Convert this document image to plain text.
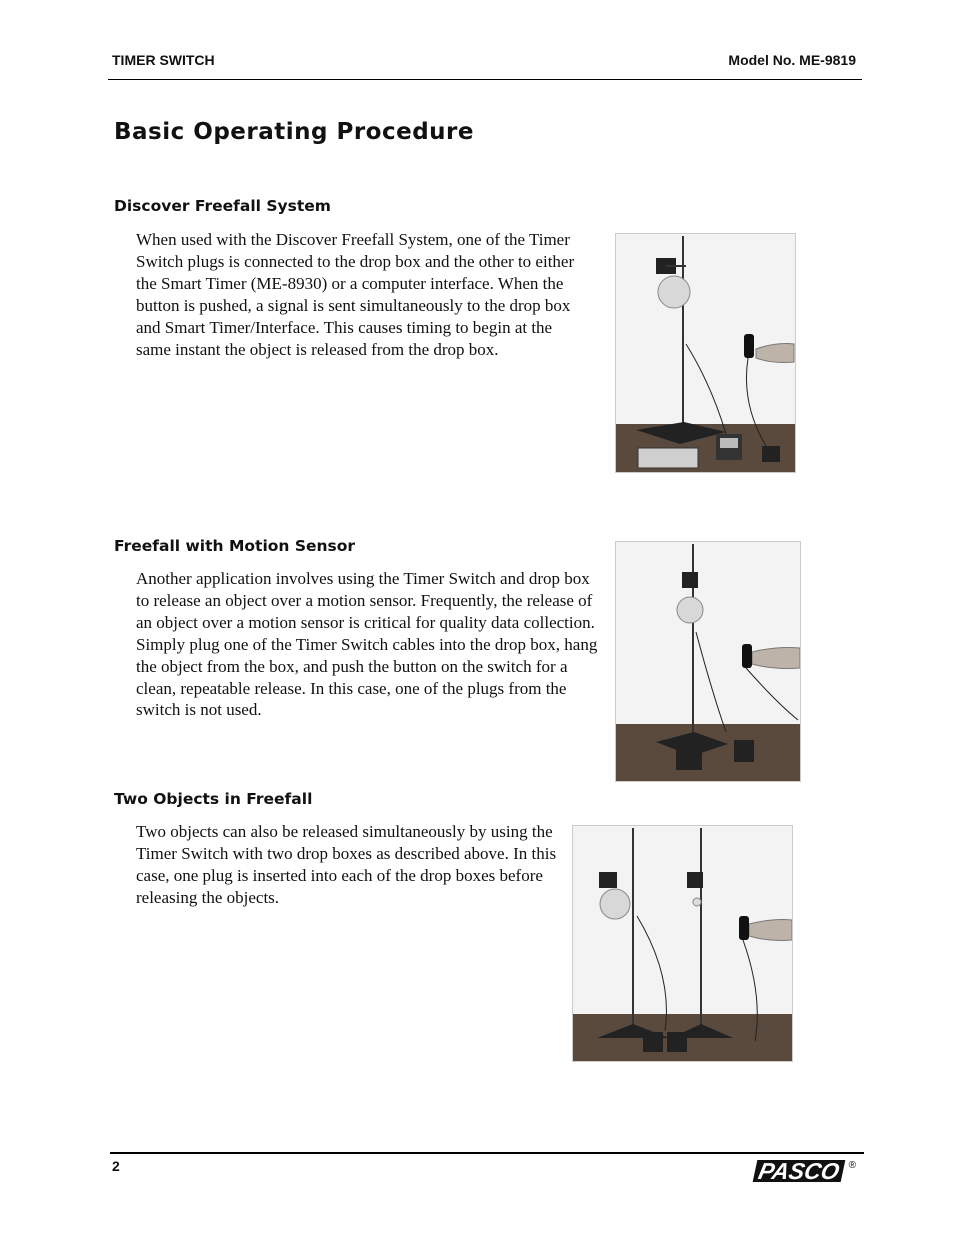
TIMER SWITCH	Model No. ME-9819
Basic Operating Procedure
Discover Freefall System

When used with the Discover Freefall System, one of the Timer Switch plugs is connected to the drop box and the other to either the Smart Timer (ME-8930) or a computer interface. When the button is pushed, a signal is sent simultaneously to the drop box and Smart Timer/Interface. This causes timing to begin at the same instant the object is released from the drop box.

Freefall with Motion Sensor

Another application involves using the Timer Switch and drop box to release an object over a motion sensor. Frequently, the release of an object over a motion sensor is critical for quality data collection. Simply plug one of the Timer Switch cables into the drop box, hang the object from the box, and push the button on the switch for a clean, repeatable release. In this case, one of the plugs from the switch is not used.

Two Objects in Freefall

Two objects can also be released simultaneously by using the Timer Switch with two drop boxes as described above. In this case, one plug is inserted into each of the drop boxes before releasing the objects.

2	PASCO ®
